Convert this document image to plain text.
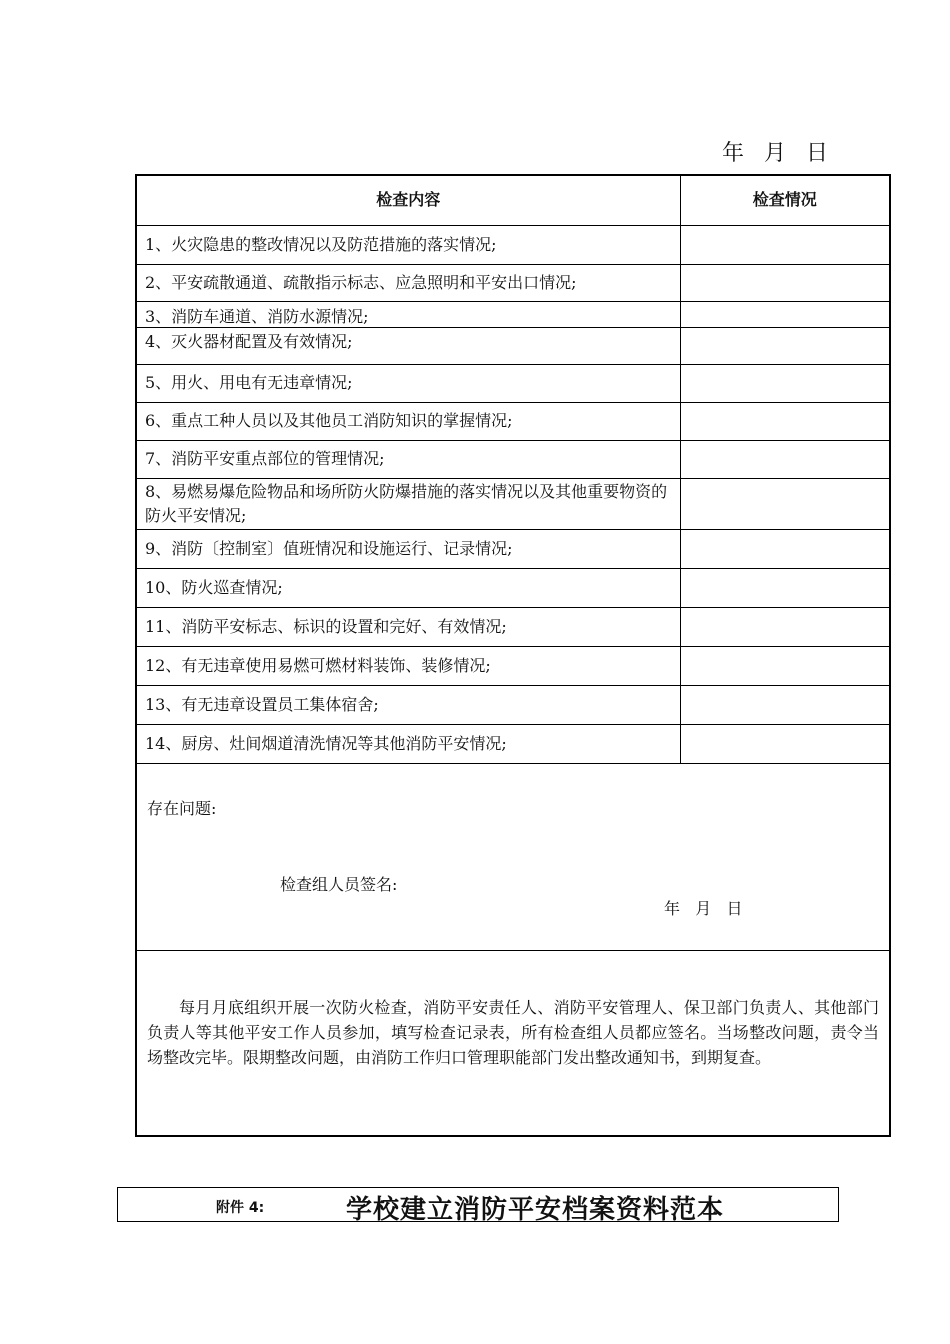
年  月  日
检查内容	检查情况
1、火灾隐患的整改情况以及防范措施的落实情况;	
2、平安疏散通道、疏散指示标志、应急照明和平安出口情况;	
3、消防车通道、消防水源情况;	
4、灭火器材配置及有效情况;	
5、用火、用电有无违章情况;	
6、重点工种人员以及其他员工消防知识的掌握情况;	
7、消防平安重点部位的管理情况;	
8、易燃易爆危险物品和场所防火防爆措施的落实情况以及其他重要物资的防火平安情况;	
9、消防〔控制室〕值班情况和设施运行、记录情况;	
10、防火巡查情况;	
11、消防平安标志、标识的设置和完好、有效情况;	
12、有无违章使用易燃可燃材料装饰、装修情况;	
13、有无违章设置员工集体宿舍;	
14、厨房、灶间烟道清洗情况等其他消防平安情况;	

存在问题:
检查组人员签名:
年   月   日	

每月月底组织开展一次防火检查，消防平安责任人、消防平安管理人、保卫部门负责人、其他部门负责人等其他平安工作人员参加，填写检查记录表，所有检查组人员都应签名。当场整改问题，责令当场整改完毕。限期整改问题，由消防工作归口管理职能部门发出整改通知书，到期复查。	
附件 4:	学校建立消防平安档案资料范本
